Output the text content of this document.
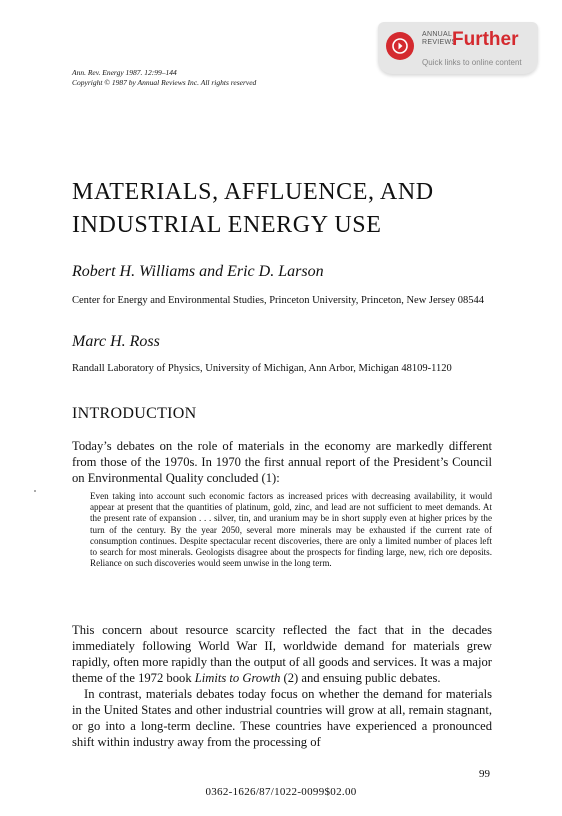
ANNUAL REVIEWS
Further
Quick links to online content
Ann. Rev. Energy 1987. 12:99–144
Copyright © 1987 by Annual Reviews Inc. All rights reserved
MATERIALS, AFFLUENCE, AND
INDUSTRIAL ENERGY USE
Robert H. Williams and Eric D. Larson

Center for Energy and Environmental Studies, Princeton University, Princeton, New Jersey 08544

Marc H. Ross

Randall Laboratory of Physics, University of Michigan, Ann Arbor, Michigan 48109-1120

INTRODUCTION

Today’s debates on the role of materials in the economy are markedly different from those of the 1970s. In 1970 the first annual report of the President’s Council on Environmental Quality concluded (1):

Even taking into account such economic factors as increased prices with decreasing availability, it would appear at present that the quantities of platinum, gold, zinc, and lead are not sufficient to meet demands. At the present rate of expansion . . . silver, tin, and uranium may be in short supply even at higher prices by the turn of the century. By the year 2050, several more minerals may be exhausted if the current rate of consumption continues. Despite spectacular recent discoveries, there are only a limited number of places left to search for most minerals. Geologists disagree about the prospects for finding large, new, rich ore deposits. Reliance on such discoveries would seem unwise in the long term.

This concern about resource scarcity reflected the fact that in the decades immediately following World War II, worldwide demand for materials grew rapidly, often more rapidly than the output of all goods and services. It was a major theme of the 1972 book Limits to Growth (2) and ensuing public debates.

In contrast, materials debates today focus on whether the demand for materials in the United States and other industrial countries will grow at all, remain stagnant, or go into a long-term decline. These countries have experienced a pronounced shift within industry away from the processing of

99
0362-1626/87/1022-0099$02.00
